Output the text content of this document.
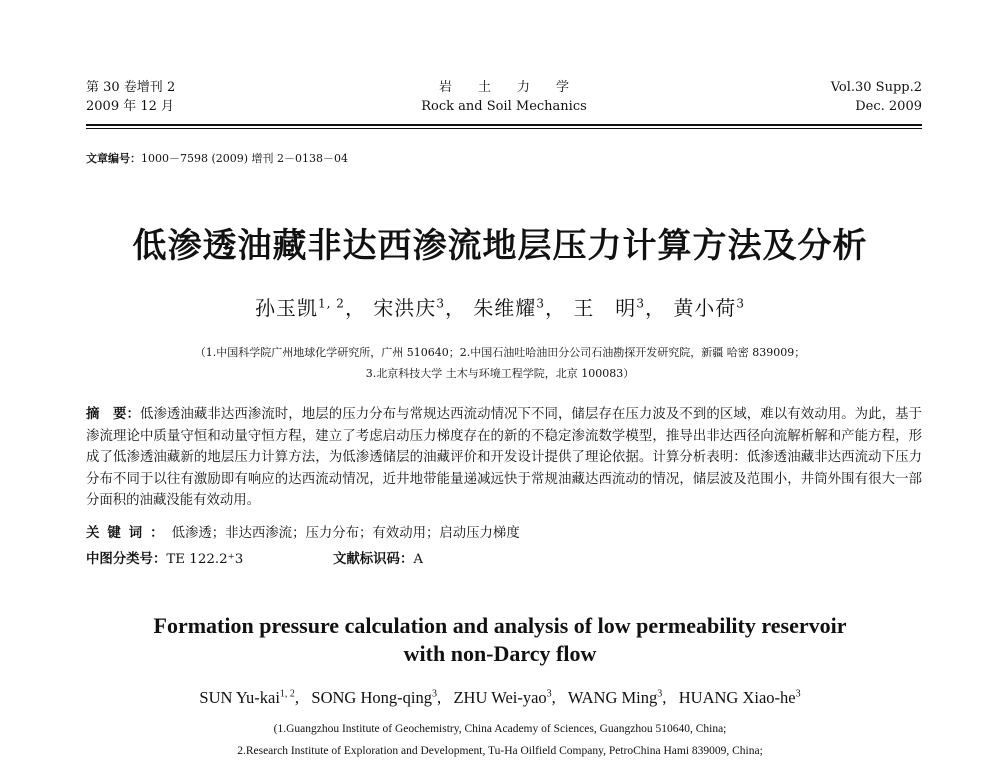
第 30 卷增刊 2
2009 年 12 月
岩土力学
Rock and Soil Mechanics
Vol.30 Supp.2
Dec. 2009
文章编号：1000－7598 (2009) 增刊 2－0138－04
低渗透油藏非达西渗流地层压力计算方法及分析
孙玉凯$^{1, 2}$， 宋洪庆$^3$， 朱维耀$^3$， 王　明$^3$， 黄小荷$^3$
（1.中国科学院广州地球化学研究所，广州 510640；2.中国石油吐哈油田分公司石油勘探开发研究院，新疆 哈密 839009；
3.北京科技大学 土木与环境工程学院，北京 100083）
摘　要：低渗透油藏非达西渗流时，地层的压力分布与常规达西流动情况下不同，储层存在压力波及不到的区域，难以有效动用。为此，基于渗流理论中质量守恒和动量守恒方程，建立了考虑启动压力梯度存在的新的不稳定渗流数学模型，推导出非达西径向流解析解和产能方程，形成了低渗透油藏新的地层压力计算方法，为低渗透储层的油藏评价和开发设计提供了理论依据。计算分析表明：低渗透油藏非达西流动下压力分布不同于以往有激励即有响应的达西流动情况，近井地带能量递减远快于常规油藏达西流动的情况，储层波及范围小，井筒外围有很大一部分面积的油藏没能有效动用。
关键词：低渗透；非达西渗流；压力分布；有效动用；启动压力梯度
中图分类号：TE 122.2⁺3	文献标识码：A
Formation pressure calculation and analysis of low permeability reservoir
with non-Darcy flow
SUN Yu-kai$^{1, 2}$,   SONG Hong-qing$^3$,   ZHU Wei-yao$^3$,   WANG Ming$^3$,   HUANG Xiao-$he^3$
(1.Guangzhou Institute of Geochemistry, China Academy of Sciences, Guangzhou 510640, China;
2.Research Institute of Exploration and Development, Tu-Ha Oilfield Company, PetroChina Hami 839009, China;
